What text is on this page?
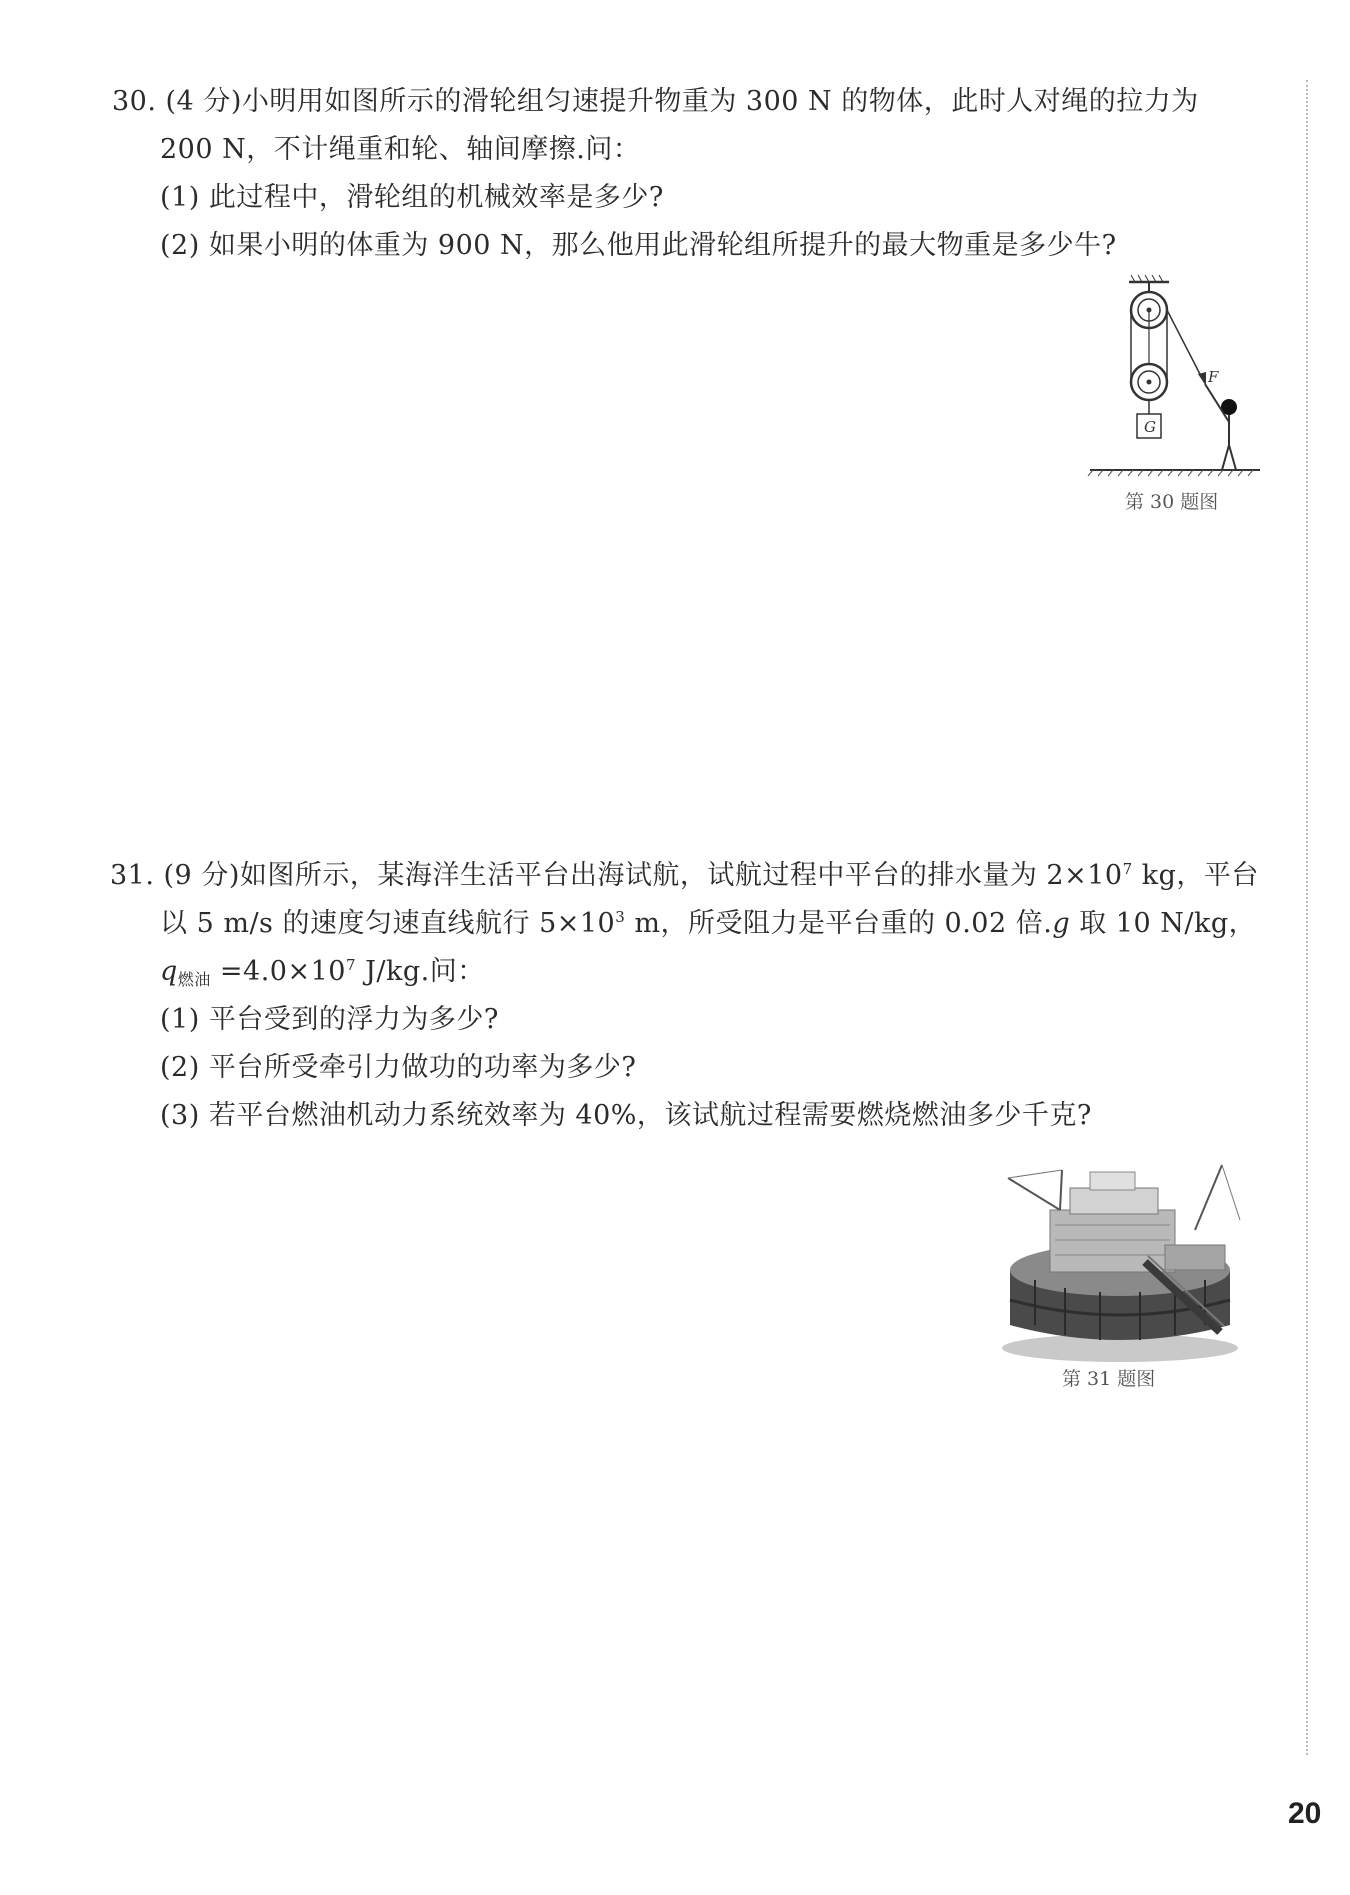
30. (4 分)小明用如图所示的滑轮组匀速提升物重为 300 N 的物体，此时人对绳的拉力为
200 N，不计绳重和轮、轴间摩擦.问：
(1) 此过程中，滑轮组的机械效率是多少?
(2) 如果小明的体重为 900 N，那么他用此滑轮组所提升的最大物重是多少牛?
F
G
第 30 题图
31. (9 分)如图所示，某海洋生活平台出海试航，试航过程中平台的排水量为 $2\times 10^7$ kg，平台
以 5 m/s 的速度匀速直线航行 $5\times 10^3$ m，所受阻力是平台重的 0.02 倍.g 取 10 N/kg，
$q_{燃油} =4.0\times 10^7$ J/kg.问：
(1) 平台受到的浮力为多少?
(2) 平台所受牵引力做功的功率为多少?
(3) 若平台燃油机动力系统效率为 40%，该试航过程需要燃烧燃油多少千克?
第 31 题图
20
